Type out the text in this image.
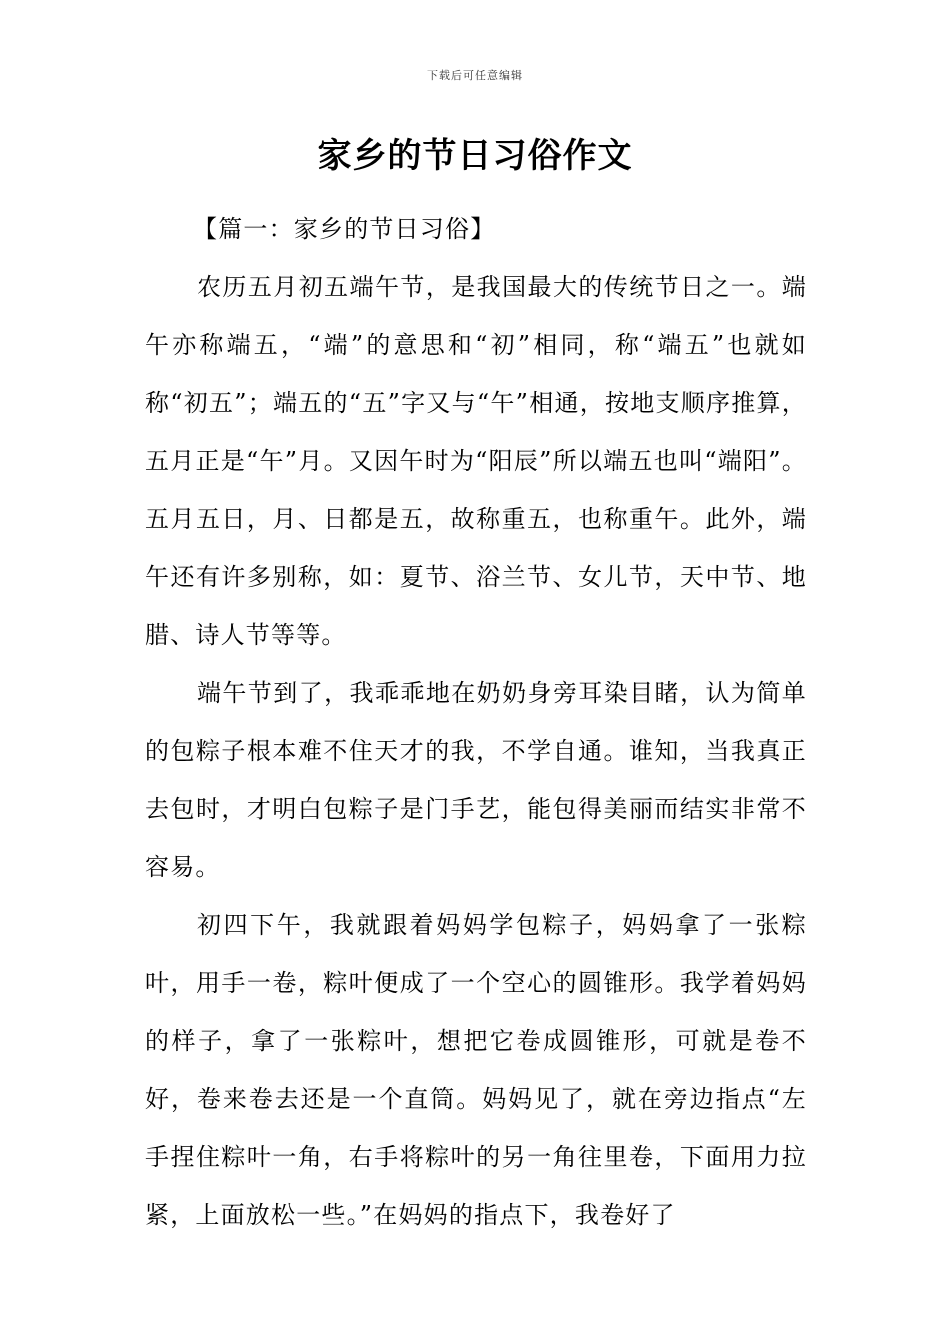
下载后可任意编辑
家乡的节日习俗作文

【篇一：家乡的节日习俗】

农历五月初五端午节，是我国最大的传统节日之一。端午亦称端五，“端”的意思和“初”相同，称“端五”也就如称“初五”；端五的“五”字又与“午”相通，按地支顺序推算，五月正是“午”月。又因午时为“阳辰”所以端五也叫“端阳”。五月五日，月、日都是五，故称重五，也称重午。此外，端午还有许多别称，如：夏节、浴兰节、女儿节，天中节、地腊、诗人节等等。

端午节到了，我乖乖地在奶奶身旁耳染目睹，认为简单的包粽子根本难不住天才的我，不学自通。谁知，当我真正去包时，才明白包粽子是门手艺，能包得美丽而结实非常不容易。

初四下午，我就跟着妈妈学包粽子，妈妈拿了一张粽叶，用手一卷，粽叶便成了一个空心的圆锥形。我学着妈妈的样子，拿了一张粽叶，想把它卷成圆锥形，可就是卷不好，卷来卷去还是一个直筒。妈妈见了，就在旁边指点“左手捏住粽叶一角，右手将粽叶的另一角往里卷，下面用力拉紧，上面放松一些。”在妈妈的指点下，我卷好了
